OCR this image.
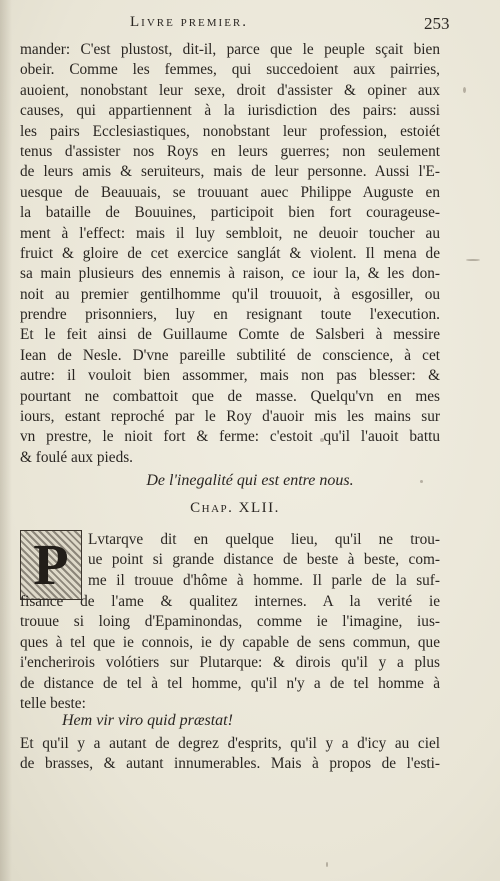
Livre premier.	253
mander: C'est plustost, dit-il, parce que le peuple sçait bien
obeir. Comme les femmes, qui succedoient aux pairries,
auoient, nonobstant leur sexe, droit d'assister & opiner aux
causes, qui appartiennent à la iurisdiction des pairs: aussi
les pairs Ecclesiastiques, nonobstant leur profession, estoiét
tenus d'assister nos Roys en leurs guerres; non seulement
de leurs amis & seruiteurs, mais de leur personne. Aussi l'E-
uesque de Beauuais, se trouuant auec Philippe Auguste en
la bataille de Bouuines, participoit bien fort courageuse-
ment à l'effect: mais il luy sembloit, ne deuoir toucher au
fruict & gloire de cet exercice sanglát & violent. Il mena de
sa main plusieurs des ennemis à raison, ce iour la, & les don-
noit au premier gentilhomme qu'il trouuoit, à esgosiller, ou
prendre prisonniers, luy en resignant toute l'execution.
Et le feit ainsi de Guillaume Comte de Salsberi à messire
Iean de Nesle. D'vne pareille subtilité de conscience, à cet
autre: il vouloit bien assommer, mais non pas blesser: &
pourtant ne combattoit que de masse. Quelqu'vn en mes
iours, estant reproché par le Roy d'auoir mis les mains sur
vn prestre, le nioit fort & ferme: c'estoit qu'il l'auoit battu
& foulé aux pieds.
De l'inegalité qui est entre nous.
Chap. XLII.
P	Lvtarqve dit en quelque lieu, qu'il ne trou-
ue point si grande distance de beste à beste, com-
me il trouue d'hôme à homme. Il parle de la suf-
fisance de l'ame & qualitez internes. A la verité ie
trouue si loing d'Epaminondas, comme ie l'imagine, ius-
ques à tel que ie connois, ie dy capable de sens commun, que
i'encherirois volótiers sur Plutarque: & dirois qu'il y a plus
de distance de tel à tel homme, qu'il n'y a de tel homme à
telle beste:
Hem vir viro quid præstat!
Et qu'il y a autant de degrez d'esprits, qu'il y a d'icy au ciel
de brasses, & autant innumerables. Mais à propos de l'esti-
